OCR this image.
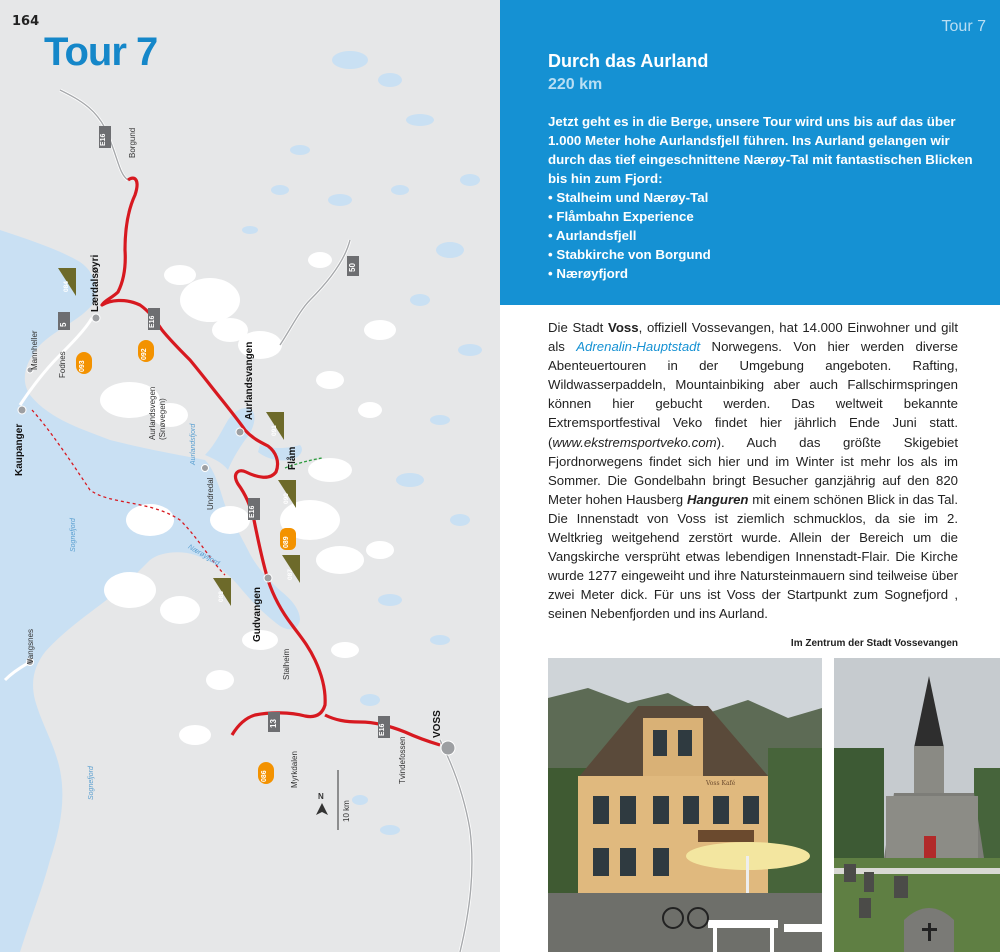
164
Tour 7
Lærdalsøyri
Aurlandsvangen
Flåm
Gudvangen
VOSS
Kaupanger
Mannheller Fodnes
Borgund
Undredal
Stalheim
Myrkdalen	Tvindefossen
Vangsnes
Aurlandsvegen (Snøvegen)
Aurlandsfjord
Nærøyfjord
Sognefjord
Sognefjord
E16
E16
E16
E16
5
50
13
084
093
092
091
090
089
087
088
086
10 km
N
Tour 7
Durch das Aurland
220 km
Jetzt geht es in die Berge, unsere Tour wird uns bis auf das über 1.000 Meter hohe Aurlandsfjell führen. Ins Aurland gelangen wir durch das tief eingeschnittene Nærøy-Tal mit fantastischen Blicken bis hin zum Fjord:
• Stalheim und Nærøy-Tal
• Flåmbahn Experience
• Aurlandsfjell
• Stabkirche von Borgund
• Nærøyfjord
Die Stadt Voss, offiziell Vossevangen, hat 14.000 Einwohner und gilt als Adrenalin-Hauptstadt Norwegens. Von hier werden diverse Abenteuertouren in der Umgebung angeboten. Rafting, Wildwasserpaddeln, Mountainbiking aber auch Fallschirmspringen können hier gebucht werden. Das weltweit bekannte Extremsportfestival Veko findet hier jährlich Ende Juni statt. (www.ekstremsportveko.com). Auch das größte Skigebiet Fjordnorwegens findet sich hier und im Winter ist mehr los als im Sommer. Die Gondelbahn bringt Besucher ganzjährig auf den 820 Meter hohen Hausberg Hanguren mit einem schönen Blick in das Tal. Die Innenstadt von Voss ist ziemlich schmucklos, da sie im 2. Weltkrieg weitgehend zerstört wurde. Allein der Bereich um die Vangskirche versprüht etwas lebendigen Innenstadt-Flair. Die Kirche wurde 1277 eingeweiht und ihre Natursteinmauern sind teilweise über zwei Meter dick. Für uns ist Voss der Startpunkt zum Sognefjord , seinen Nebenfjorden und ins Aurland.
Im Zentrum der Stadt Vossevangen
Voss Kafé
